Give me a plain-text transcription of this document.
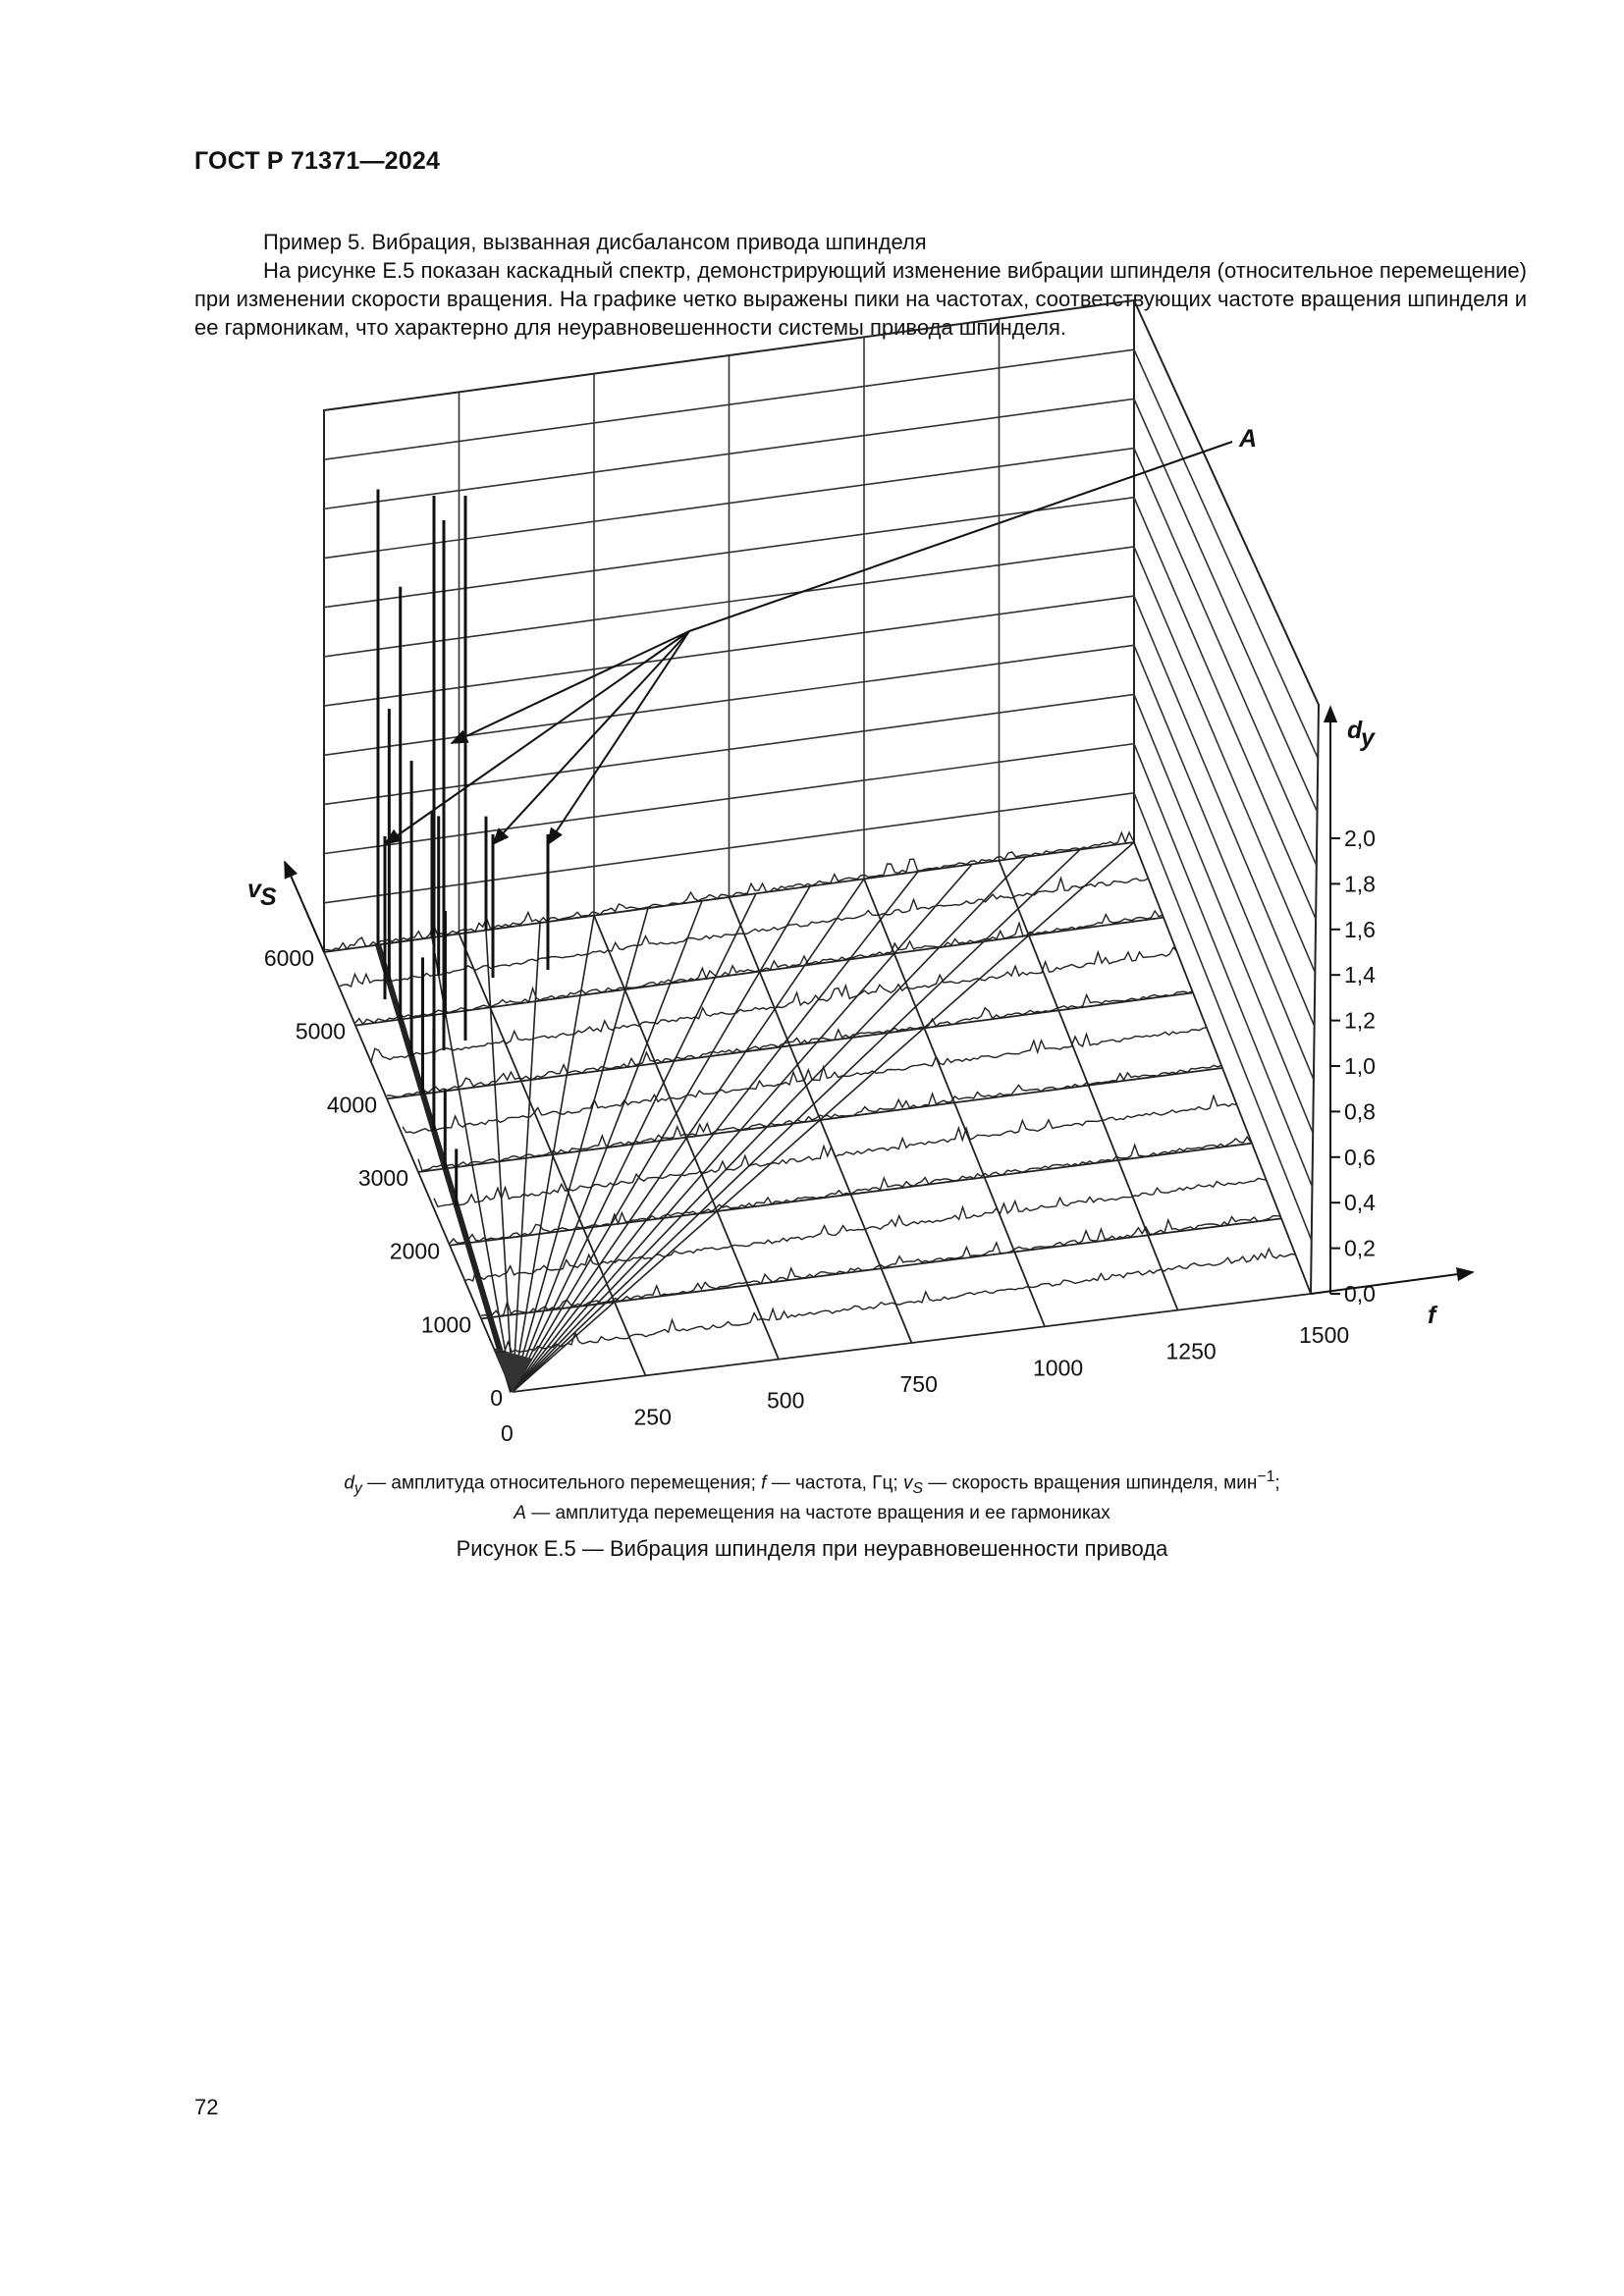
ГОСТ Р 71371—2024
Пример 5. Вибрация, вызванная дисбалансом привода шпинделя
На рисунке Е.5 показан каскадный спектр, демонстрирующий изменение вибрации шпинделя (относительное перемещение) при изменении скорости вращения. На графике четко выражены пики на частотах, соответствующих частоте вращения шпинделя и ее гармоникам, что характерно для неуравновешенности системы привода шпинделя.
0,0
0,2
0,4
0,6
0,8
1,0
1,2
1,4
1,6
1,8
2,0
0
250
500
750
1000
1250
1500
0
1000
2000
3000
4000
5000
6000
d
y
f
v S
A
$d_y$ — амплитуда относительного перемещения; f — частота, Гц; $v_S$ — скорость вращения шпинделя, мин$^{-1}$;
A — амплитуда перемещения на частоте вращения и ее гармониках
Рисунок Е.5 — Вибрация шпинделя при неуравновешенности привода
72
